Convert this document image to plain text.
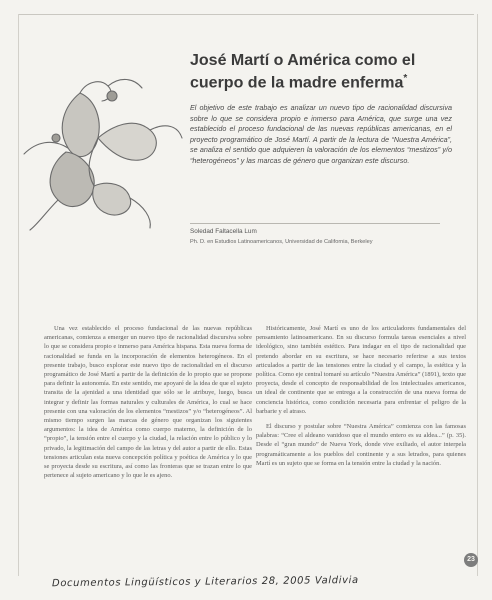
José Martí o América como el cuerpo de la madre enferma*
El objetivo de este trabajo es analizar un nuevo tipo de racionalidad discursiva sobre lo que se considera propio e inmerso para América, que surge una vez establecido el proceso fundacional de las nuevas repúblicas americanas, en el proyecto programático de José Martí. A partir de la lectura de “Nuestra América”, se analiza el sentido que adquieren la valoración de los elementos “mestizos” y/o “heterogéneos” y las marcas de género que organizan este discurso.
Soledad Faltacella Lum
Ph. D. en Estudios Latinoamericanos, Universidad de California, Berkeley

Una vez establecido el proceso fundacional de las nuevas repúblicas americanas, comienza a emerger un nuevo tipo de racionalidad discursiva sobre lo que se considera propio e inmerso para América hispana. Esta nueva forma de racionalidad se funda en la incorporación de elementos heterogéneos. En el presente trabajo, busco explorar este nuevo tipo de racionalidad en el discurso programático de José Martí a partir de la definición de lo propio que se propone para definir la autonomía. En este sentido, me apoyaré de la idea de que el sujeto transita de la ajenidad a una identidad que sólo se le atribuye, luego, busca integrar y definir las formas naturales y culturales de América, lo cual se hace presente con una valoración de los elementos “mestizos” y/o “heterogéneos”. Al mismo tiempo surgen las marcas de género que organizan los siguientes argumentos: la idea de América como cuerpo materno, la definición de lo “propio”, la tensión entre el cuerpo y la ciudad, la relación entre lo público y lo privado, la legitimación del campo de las letras y del autor a partir de ello. Estas tensiones articulan esta nueva concepción política y poética de América y lo que se proyecta desde su escritura, así como las fronteras que se trazan entre lo que pertenece al sujeto americano y lo que le es ajeno.

Históricamente, José Martí es uno de los articuladores fundamentales del pensamiento latinoamericano. En su discurso formula tareas esenciales a nivel ideológico, sino también estético. Para indagar en el tipo de racionalidad que pretendo abordar en su escritura, se hace necesario referirse a sus textos articulados a partir de las tensiones entre la ciudad y el campo, la estética y la política. Como eje central tomaré su artículo “Nuestra América” (1891), texto que proyecta, desde el concepto de responsabilidad de los intelectuales americanos, un ideal de continente que se entrega a la construcción de una nueva forma de conciencia histórica, como condición necesaria para enfrentar el peligro de la barbarie y el atraso.

El discurso y postular sobre “Nuestra América” comienza con las famosas palabras: “Cree el aldeano vanidoso que el mundo entero es su aldea...” (p. 35). Desde el “gran mundo” de Nueva York, donde vive exiliado, el autor interpela programáticamente a los pueblos del continente y a sus letrados, para quienes Martí es un sujeto que se forma en la tensión entre la ciudad y la nación.

23
Documentos Lingüísticos y Literarios 28, 2005 Valdivia
